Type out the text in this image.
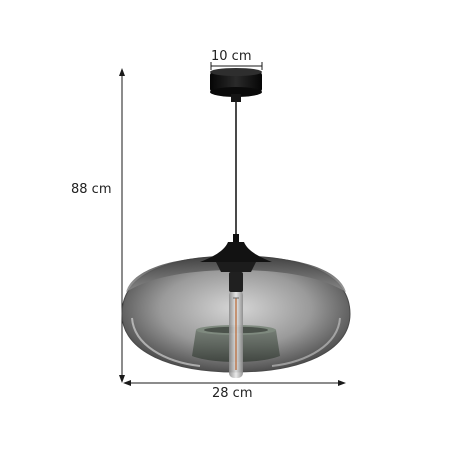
10 cm
88 cm
28 cm
